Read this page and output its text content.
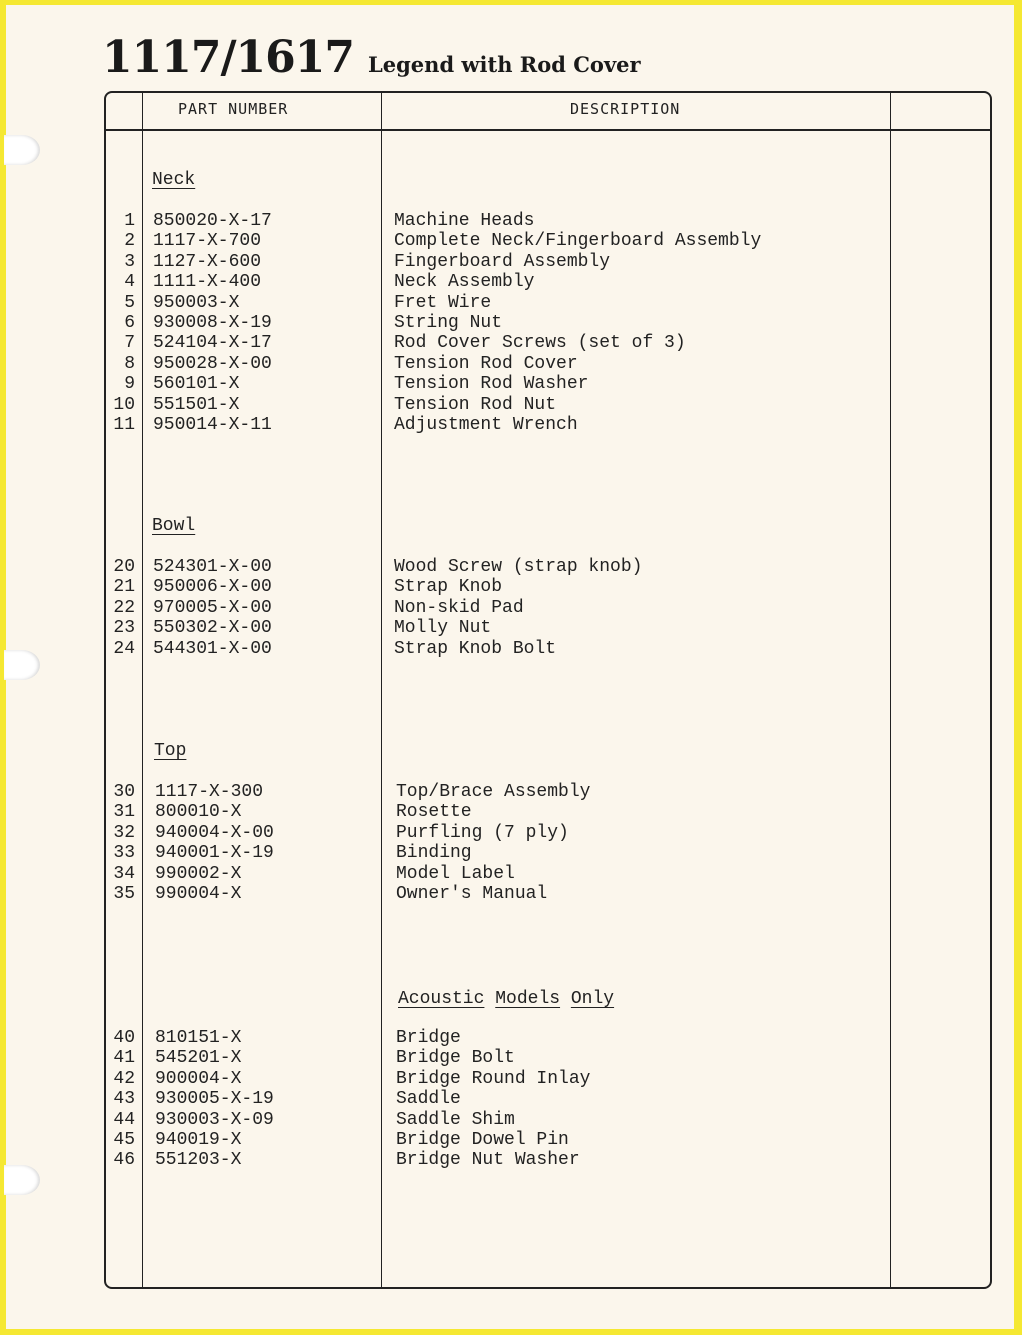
1117/1617 Legend with Rod Cover
PART NUMBER	DESCRIPTION
Neck
Bowl
Top
Acoustic Models Only
1 850020-X-17	Machine Heads
2 1117-X-700	Complete Neck/Fingerboard Assembly
3 1127-X-600	Fingerboard Assembly
4 1111-X-400	Neck Assembly
5 950003-X	Fret Wire
6 930008-X-19	String Nut
7 524104-X-17	Rod Cover Screws (set of 3)
8 950028-X-00	Tension Rod Cover
9 560101-X	Tension Rod Washer
10 551501-X	Tension Rod Nut
11 950014-X-11	Adjustment Wrench
20 524301-X-00	Wood Screw (strap knob)
21 950006-X-00	Strap Knob
22 970005-X-00	Non-skid Pad
23 550302-X-00	Molly Nut
24 544301-X-00	Strap Knob Bolt
30 1117-X-300	Top/Brace Assembly
31 800010-X	Rosette
32 940004-X-00	Purfling (7 ply)
33 940001-X-19	Binding
34 990002-X	Model Label
35 990004-X	Owner's Manual
40 810151-X	Bridge
41 545201-X	Bridge Bolt
42 900004-X	Bridge Round Inlay
43 930005-X-19	Saddle
44 930003-X-09	Saddle Shim
45 940019-X	Bridge Dowel Pin
46 551203-X	Bridge Nut Washer
